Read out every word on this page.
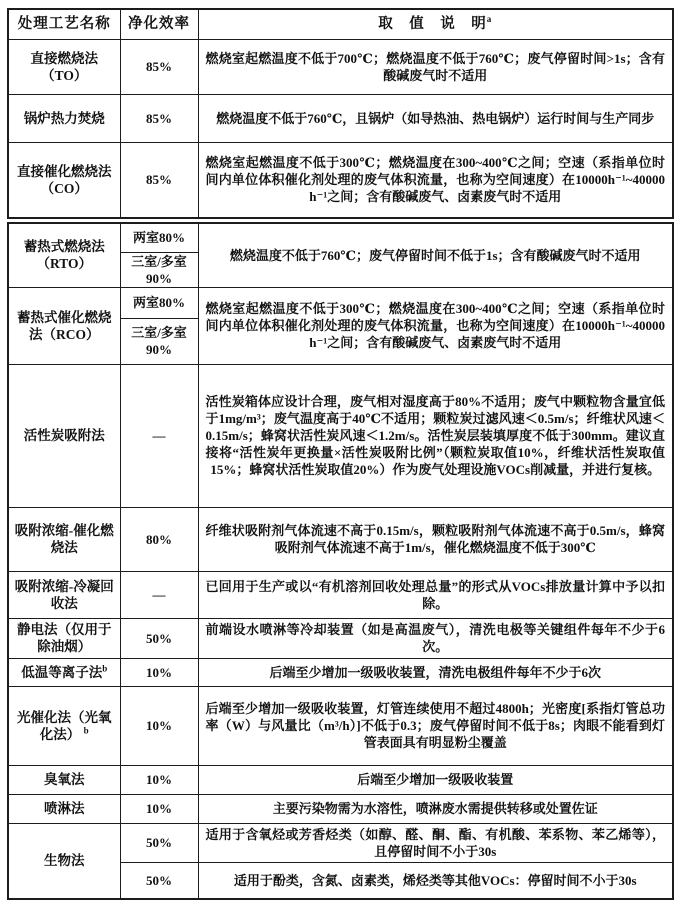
处理工艺名称	净化效率	取　值　说　明$^a$
直接燃烧法（TO）	85%	燃烧室起燃温度不低于700℃；燃烧温度不低于760℃；废气停留时间>1s；含有酸碱废气时不适用
锅炉热力焚烧	85%	燃烧温度不低于760℃，且锅炉（如导热油、热电锅炉）运行时间与生产同步
直接催化燃烧法（CO）	85%	燃烧室起燃温度不低于300℃；燃烧温度在300~400℃之间；空速（系指单位时间内单位体积催化剂处理的废气体积流量，也称为空间速度）在10000h⁻¹~40000 h⁻¹之间；含有酸碱废气、卤素废气时不适用
蓄热式燃烧法（RTO）	两室80%	燃烧温度不低于760℃；废气停留时间不低于1s；含有酸碱废气时不适用
	三室/多室90%	
蓄热式催化燃烧法（RCO）	两室80%	燃烧室起燃温度不低于300℃；燃烧温度在300~400℃之间；空速（系指单位时间内单位体积催化剂处理的废气体积流量，也称为空间速度）在10000h⁻¹~40000 h⁻¹之间；含有酸碱废气、卤素废气时不适用
	三室/多室90%	
活性炭吸附法	—	活性炭箱体应设计合理，废气相对湿度高于80%不适用；废气中颗粒物含量宜低于1mg/m³；废气温度高于40℃不适用；颗粒炭过滤风速＜0.5m/s；纤维状风速＜0.15m/s；蜂窝状活性炭风速＜1.2m/s。活性炭层装填厚度不低于300mm。建议直接将“活性炭年更换量×活性炭吸附比例”（颗粒炭取值10%，纤维状活性炭取值15%；蜂窝状活性炭取值20%）作为废气处理设施VOCs削减量，并进行复核。
吸附浓缩-催化燃烧法	80%	纤维状吸附剂气体流速不高于0.15m/s，颗粒吸附剂气体流速不高于0.5m/s，蜂窝吸附剂气体流速不高于1m/s，催化燃烧温度不低于300℃
吸附浓缩-冷凝回收法	—	已回用于生产或以“有机溶剂回收处理总量”的形式从VOCs排放量计算中予以扣除。
静电法（仅用于除油烟）	50%	前端设水喷淋等冷却装置（如是高温废气），清洗电极等关键组件每年不少于6次。
低温等离子法$^b$	10%	后端至少增加一级吸收装置，清洗电极组件每年不少于6次
光催化法（光氧化法） $^b$	10%	后端至少增加一级吸收装置，灯管连续使用不超过4800h；光密度[系指灯管总功率（W）与风量比（m³/h）]不低于0.3；废气停留时间不低于8s；肉眼不能看到灯管表面具有明显粉尘覆盖
臭氧法	10%	后端至少增加一级吸收装置
喷淋法	10%	主要污染物需为水溶性，喷淋废水需提供转移或处置佐证
生物法	50%	适用于含氧烃或芳香烃类（如醇、醛、酮、酯、有机酸、苯系物、苯乙烯等），且停留时间不小于30s
	50%	适用于酚类，含氮、卤素类，烯烃类等其他VOCs：停留时间不小于30s
